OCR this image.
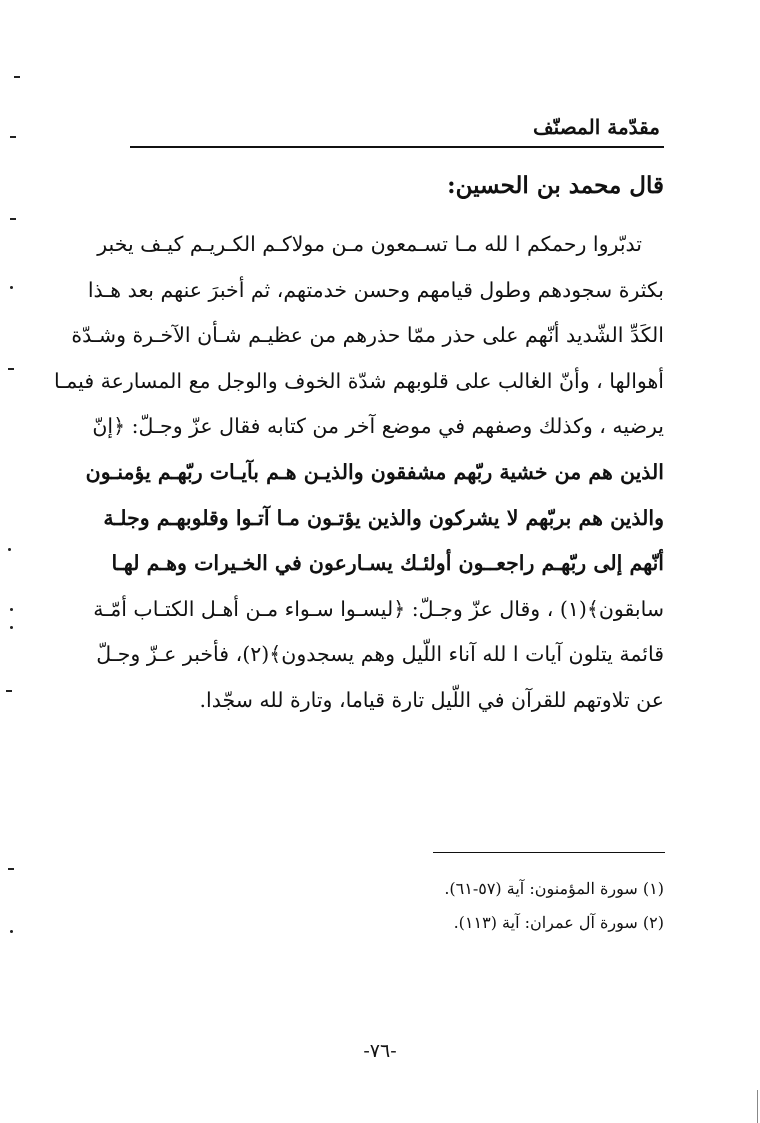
مقدّمة المصنّف
قال محمد بن الحسين:
تدبّروا رحمكم ا لله مـا تسـمعون مـن مولاكـم الكـريـم كيـف يخبر
بكثرة سجودهم وطول قيامهم وحسن خدمتهم، ثم أخبرَ عنهم بعد هـذا
الكَدِّ الشّديد أنّهم على حذر ممّا حذرهم من عظيـم شـأن الآخـرة وشـدّة
أهوالها ، وأنّ الغالب على قلوبهم شدّة الخوف والوجل مع المسارعة فيمـا
يرضيه ، وكذلك وصفهم في موضع آخر من كتابه فقال عزّ وجـلّ: ﴿إنّ
الذين هم من خشية ربّهم مشفقون والذيـن هـم بآيـات ربّهـم يؤمنـون
والذين هم بربّهم لا يشركون والذين يؤتـون مـا آتـوا وقلوبهـم وجلـة
أنّهم إلى ربّهـم راجعــون أولئـك يسـارعون في الخـيرات وهـم لهـا
سابقون﴾(١) ، وقال عزّ وجـلّ: ﴿ليسـوا سـواء مـن أهـل الكتـاب أمّـة
قائمة يتلون آيات ا لله آناء اللّيل وهم يسجدون﴾(٢)، فأخبر عـزّ وجـلّ
عن تلاوتهم للقرآن في اللّيل تارة قياما، وتارة لله سجّدا.
(١) سورة المؤمنون: آية (٥٧-٦١).
(٢) سورة آل عمران: آية (١١٣).
-٧٦-
